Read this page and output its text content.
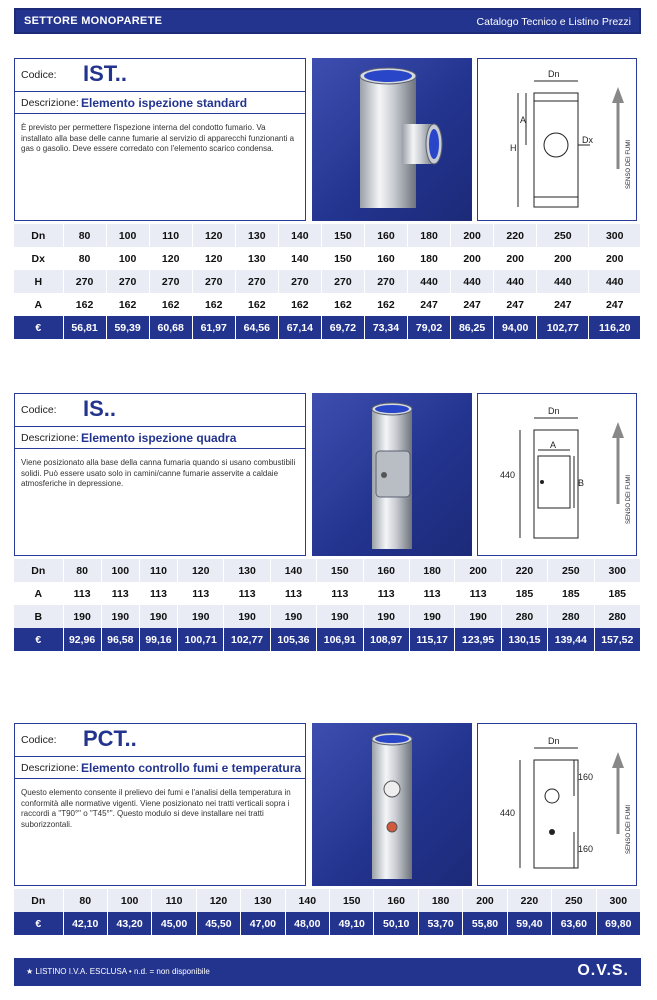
SETTORE MONOPARETE	Catalogo Tecnico e Listino Prezzi
Codice: IST..
Descrizione: Elemento ispezione standard
È previsto per permettere l'ispezione interna del condotto fumario. Va installato alla base delle canne fumarie al servizio di apparecchi funzionanti a gas o gasolio. Deve essere corredato con l'elemento scarico condensa.
Dn
A
H
Dx	SENSO DEI FUMI
Dn	80	100	110	120	130	140	150	160	180	200	220	250	300
Dx	80	100	120	120	130	140	150	160	180	200	200	200	200
H	270	270	270	270	270	270	270	270	440	440	440	440	440
A	162	162	162	162	162	162	162	162	247	247	247	247	247
€	56,81	59,39	60,68	61,97	64,56	67,14	69,72	73,34	79,02	86,25	94,00	102,77	116,20
Codice: IS..
Descrizione: Elemento ispezione quadra
Viene posizionato alla base della canna fumaria quando si usano combustibili solidi. Può essere usato solo in camini/canne fumarie asservite a caldaie atmosferiche in depressione.
Dn
A
B
440	SENSO DEI FUMI
Dn	80	100	110	120	130	140	150	160	180	200	220	250	300
A	113	113	113	113	113	113	113	113	113	113	185	185	185
B	190	190	190	190	190	190	190	190	190	190	280	280	280
€	92,96	96,58	99,16	100,71	102,77	105,36	106,91	108,97	115,17	123,95	130,15	139,44	157,52
Codice: PCT..
Descrizione: Elemento controllo fumi e temperatura
Questo elemento consente il prelievo dei fumi e l'analisi della temperatura in conformità alle normative vigenti. Viene posizionato nei tratti verticali sopra i raccordi a "T90°" o "T45°". Questo modulo si deve installare nei tratti suborizzontali.
Dn
440
160
160	SENSO DEI FUMI
Dn	80	100	110	120	130	140	150	160	180	200	220	250	300
€	42,10	43,20	45,00	45,50	47,00	48,00	49,10	50,10	53,70	55,80	59,40	63,60	69,80
★ LISTINO I.V.A. ESCLUSA • n.d. = non disponibile	O.V.S.
